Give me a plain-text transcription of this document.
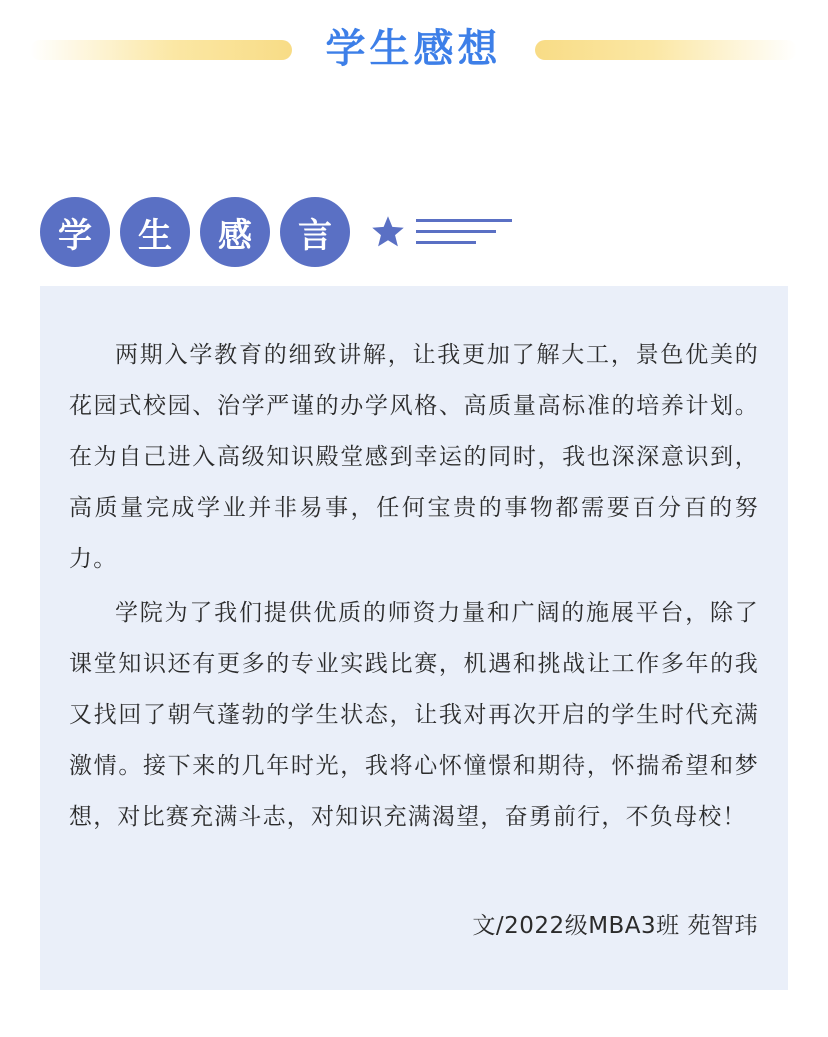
学生感想
学	生	感	言

两期入学教育的细致讲解，让我更加了解大工，景色优美的花园式校园、治学严谨的办学风格、高质量高标准的培养计划。在为自己进入高级知识殿堂感到幸运的同时，我也深深意识到，高质量完成学业并非易事，任何宝贵的事物都需要百分百的努力。

学院为了我们提供优质的师资力量和广阔的施展平台，除了课堂知识还有更多的专业实践比赛，机遇和挑战让工作多年的我又找回了朝气蓬勃的学生状态，让我对再次开启的学生时代充满激情。接下来的几年时光，我将心怀憧憬和期待，怀揣希望和梦想，对比赛充满斗志，对知识充满渴望，奋勇前行，不负母校！

文/2022级MBA3班 苑智玮
